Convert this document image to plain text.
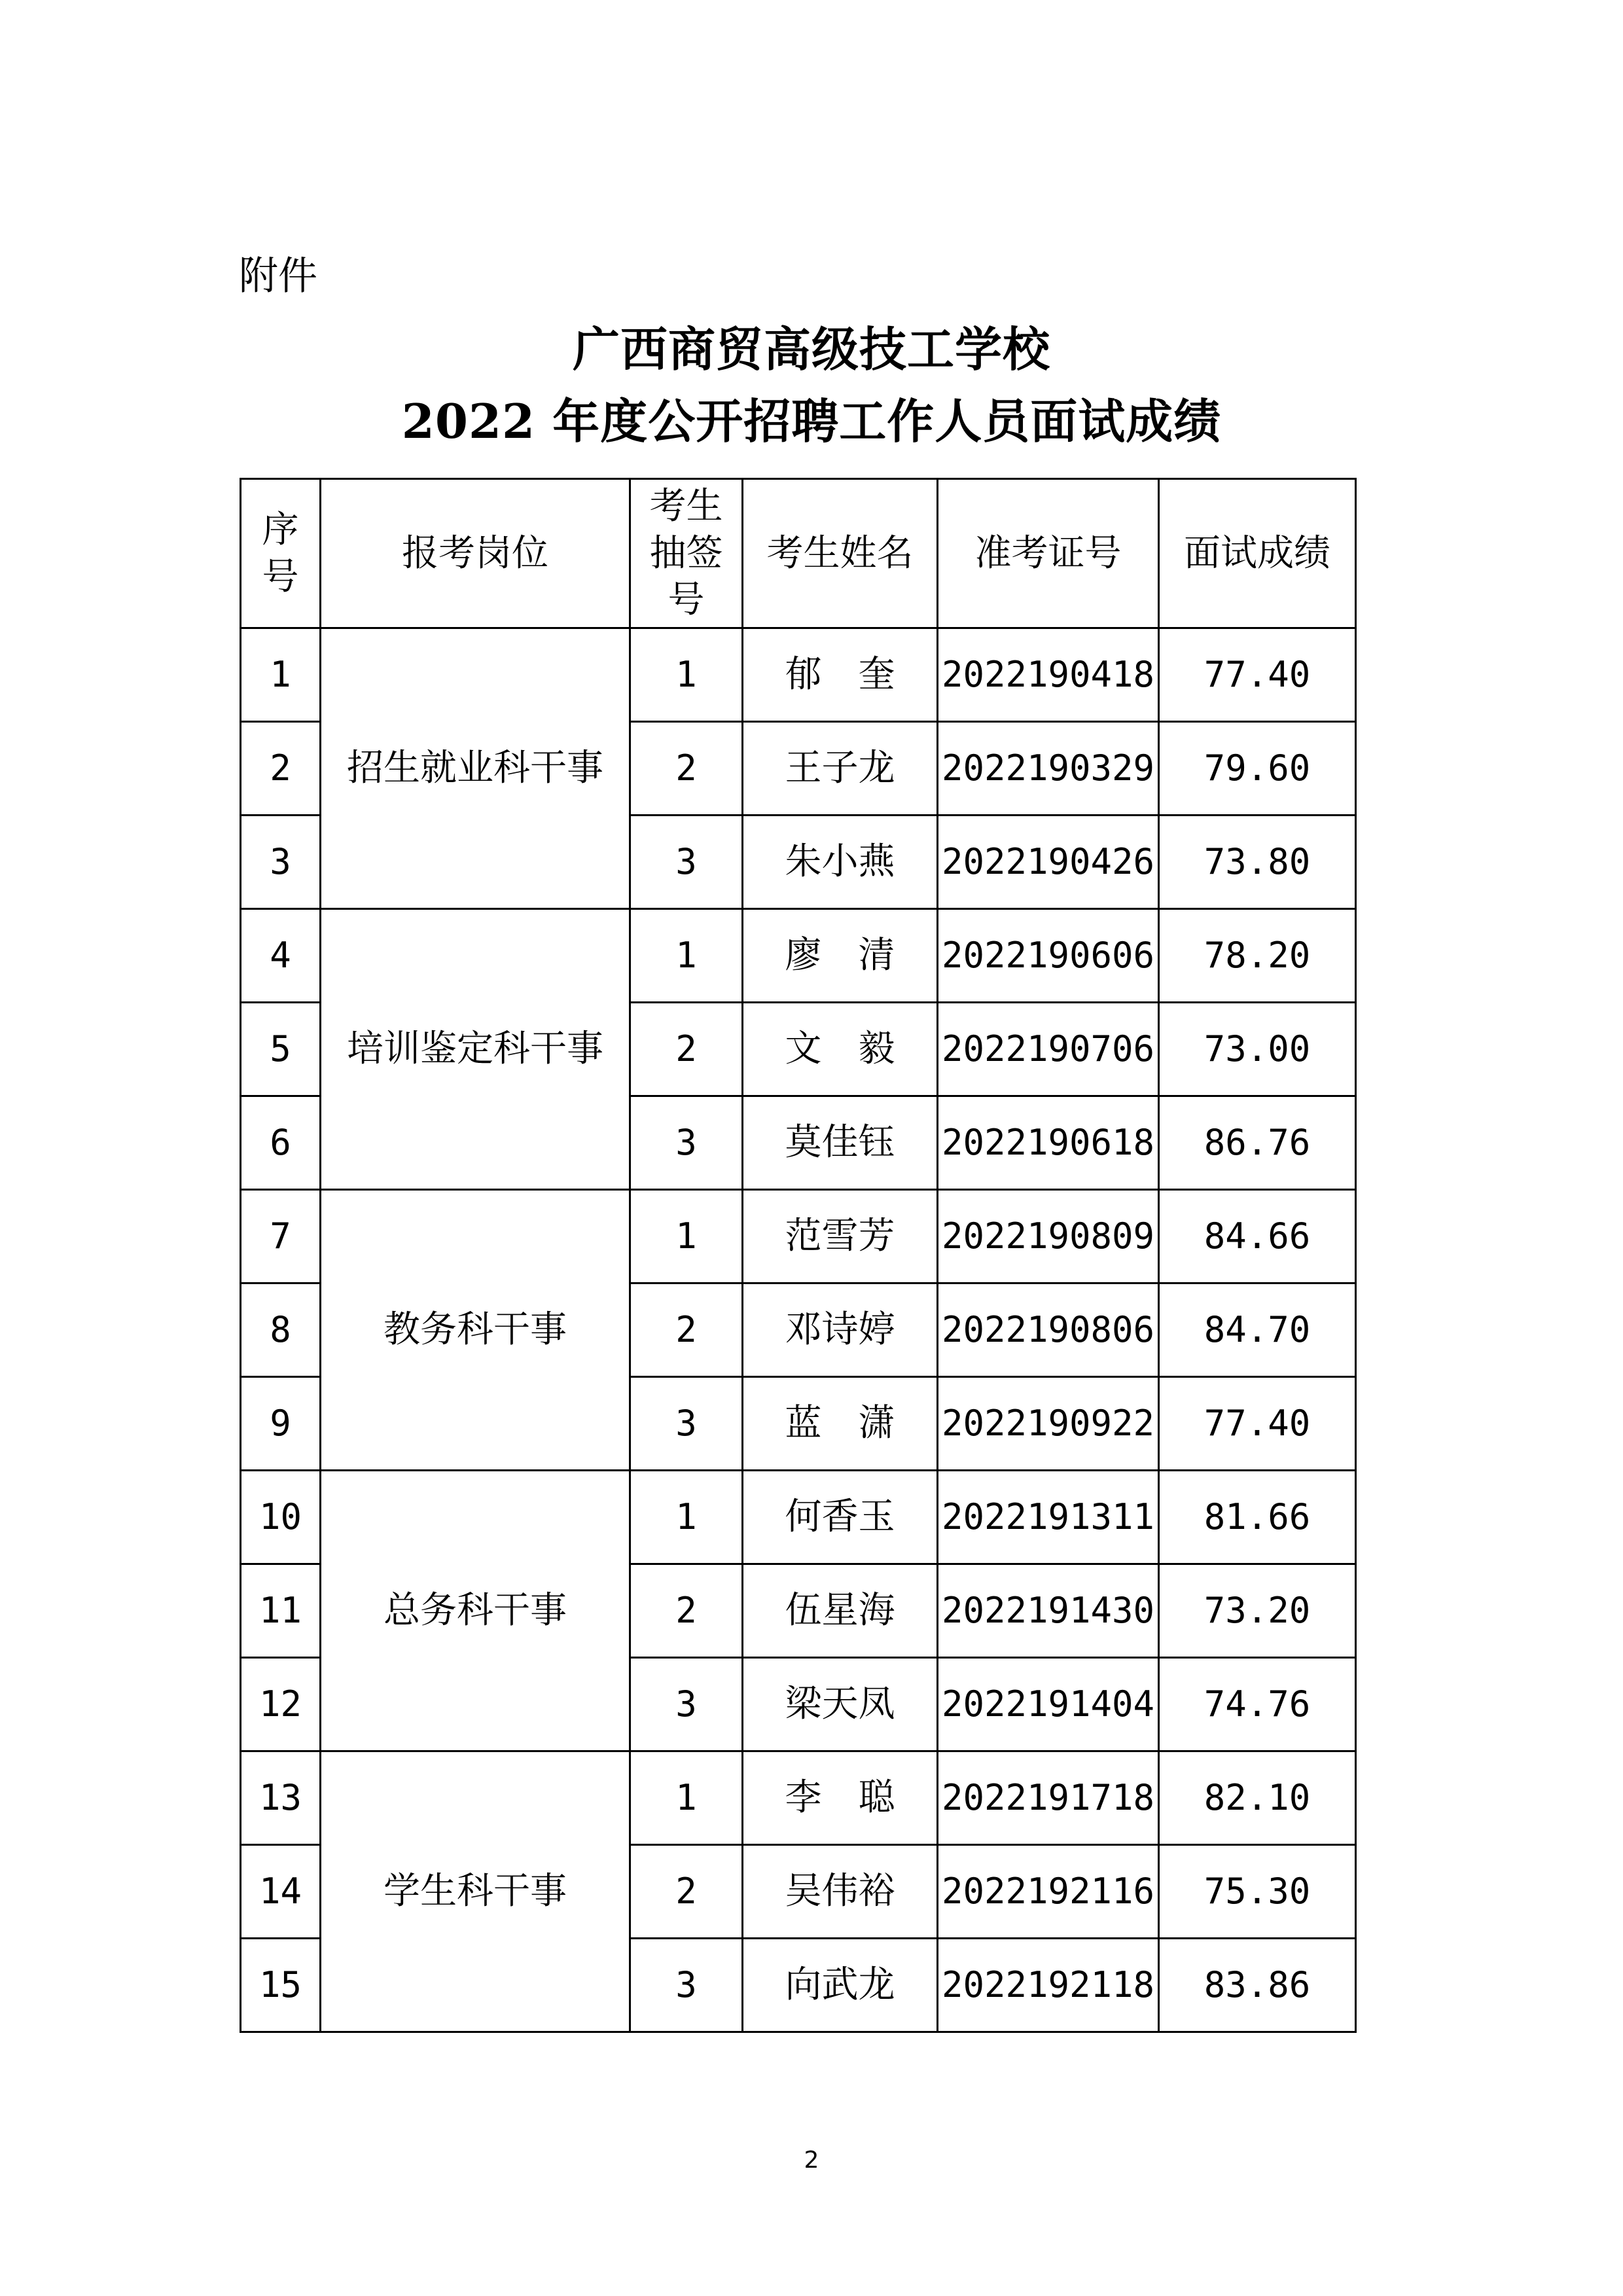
附件
广西商贸高级技工学校
2022 年度公开招聘工作人员面试成绩
序号	报考岗位	考生抽签号	考生姓名	准考证号	面试成绩
1	招生就业科干事	1	郁　奎	2022190418	77.40
2		2	王子龙	2022190329	79.60
3		3	朱小燕	2022190426	73.80
4	培训鉴定科干事	1	廖　清	2022190606	78.20
5		2	文　毅	2022190706	73.00
6		3	莫佳钰	2022190618	86.76
7	教务科干事	1	范雪芳	2022190809	84.66
8		2	邓诗婷	2022190806	84.70
9		3	蓝　潇	2022190922	77.40
10	总务科干事	1	何香玉	2022191311	81.66
11		2	伍星海	2022191430	73.20
12		3	梁天凤	2022191404	74.76
13	学生科干事	1	李　聪	2022191718	82.10
14		2	吴伟裕	2022192116	75.30
15		3	向武龙	2022192118	83.86
2
